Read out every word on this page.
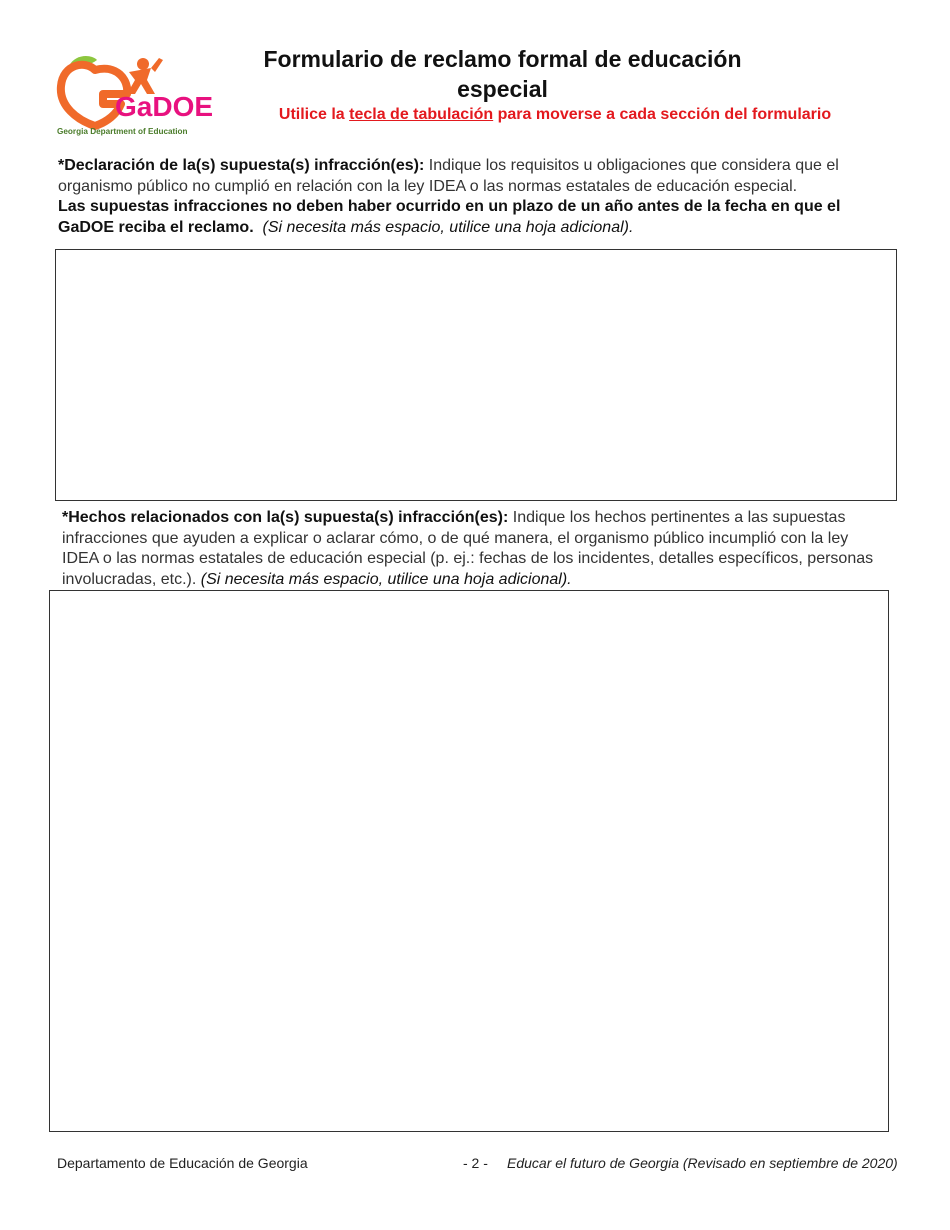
GaDOE
Georgia Department of Education
Formulario de reclamo formal de educación especial
Utilice la tecla de tabulación para moverse a cada sección del formulario
*Declaración de la(s) supuesta(s) infracción(es): Indique los requisitos u obligaciones que considera que el organismo público no cumplió en relación con la ley IDEA o las normas estatales de educación especial.
Las supuestas infracciones no deben haber ocurrido en un plazo de un año antes de la fecha en que el GaDOE reciba el reclamo. (Si necesita más espacio, utilice una hoja adicional).
*Hechos relacionados con la(s) supuesta(s) infracción(es): Indique los hechos pertinentes a las supuestas infracciones que ayuden a explicar o aclarar cómo, o de qué manera, el organismo público incumplió con la ley IDEA o las normas estatales de educación especial (p. ej.: fechas de los incidentes, detalles específicos, personas involucradas, etc.). (Si necesita más espacio, utilice una hoja adicional).
Departamento de Educación de Georgia	- 2 - Educar el futuro de Georgia (Revisado en septiembre de 2020)
